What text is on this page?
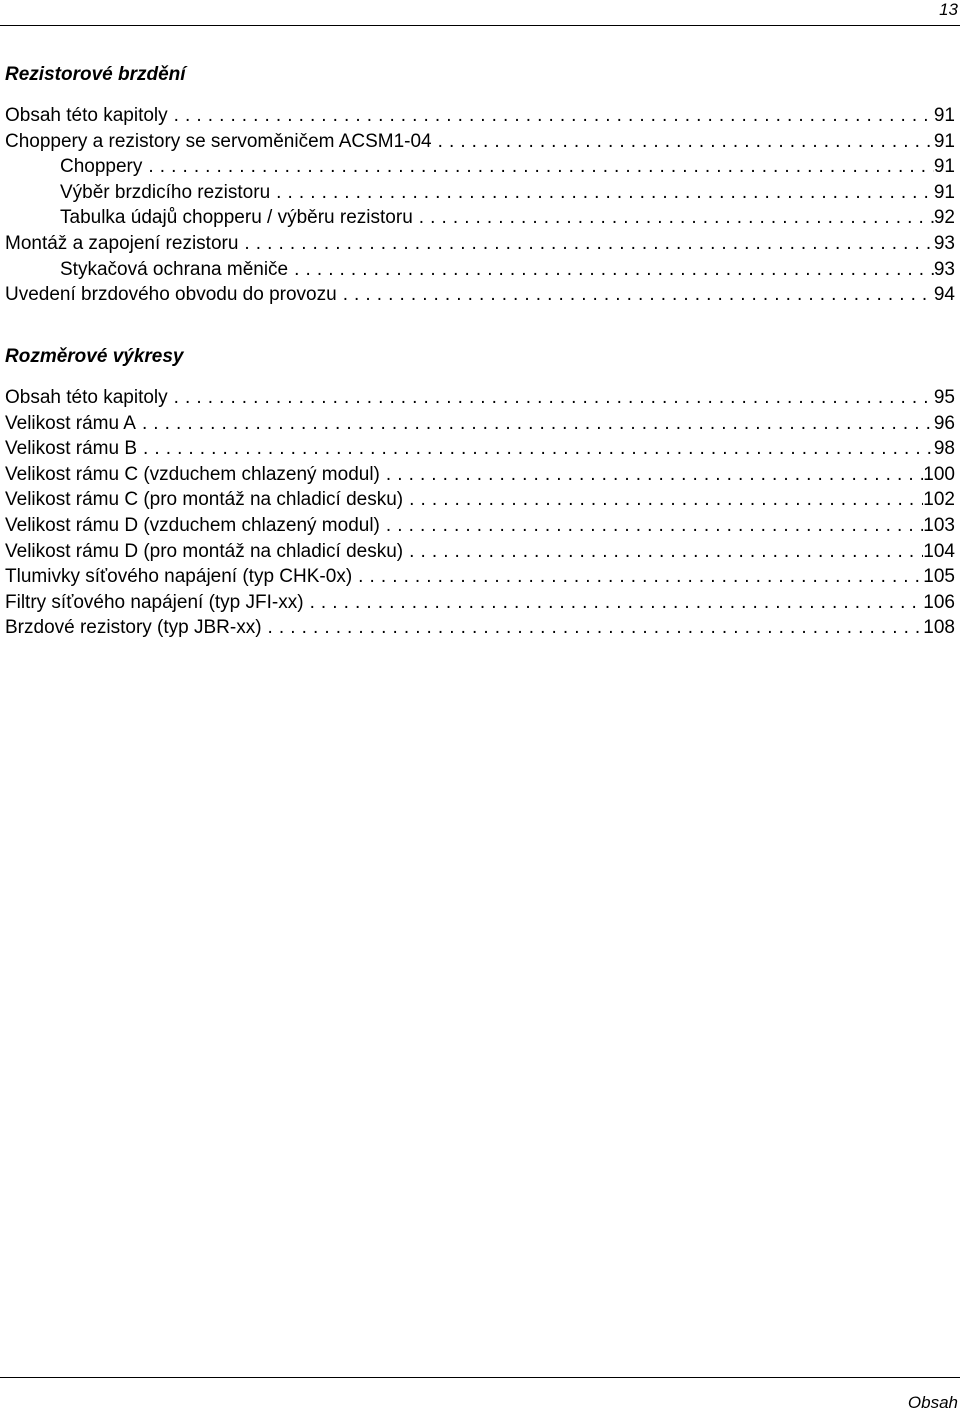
13
Rezistorové brzdění
Obsah této kapitoly . . .	91
Choppery a rezistory se servoměničem ACSM1-04 . . .	91
Choppery . . .	91
Výběr brzdicího rezistoru . . .	91
Tabulka údajů chopperu / výběru rezistoru . . .	92
Montáž a zapojení rezistoru . . .	93
Stykačová ochrana měniče . . .	93
Uvedení brzdového obvodu do provozu . . .	94
Rozměrové výkresy
Obsah této kapitoly . . .	95
Velikost rámu A . . .	96
Velikost rámu B . . .	98
Velikost rámu C (vzduchem chlazený modul) . . .	100
Velikost rámu C (pro montáž na chladicí desku) . . .	102
Velikost rámu D (vzduchem chlazený modul) . . .	103
Velikost rámu D (pro montáž na chladicí desku) . . .	104
Tlumivky síťového napájení (typ CHK-0x) . . .	105
Filtry síťového napájení (typ JFI-xx) . . .	106
Brzdové rezistory (typ JBR-xx) . . .	108
Obsah
